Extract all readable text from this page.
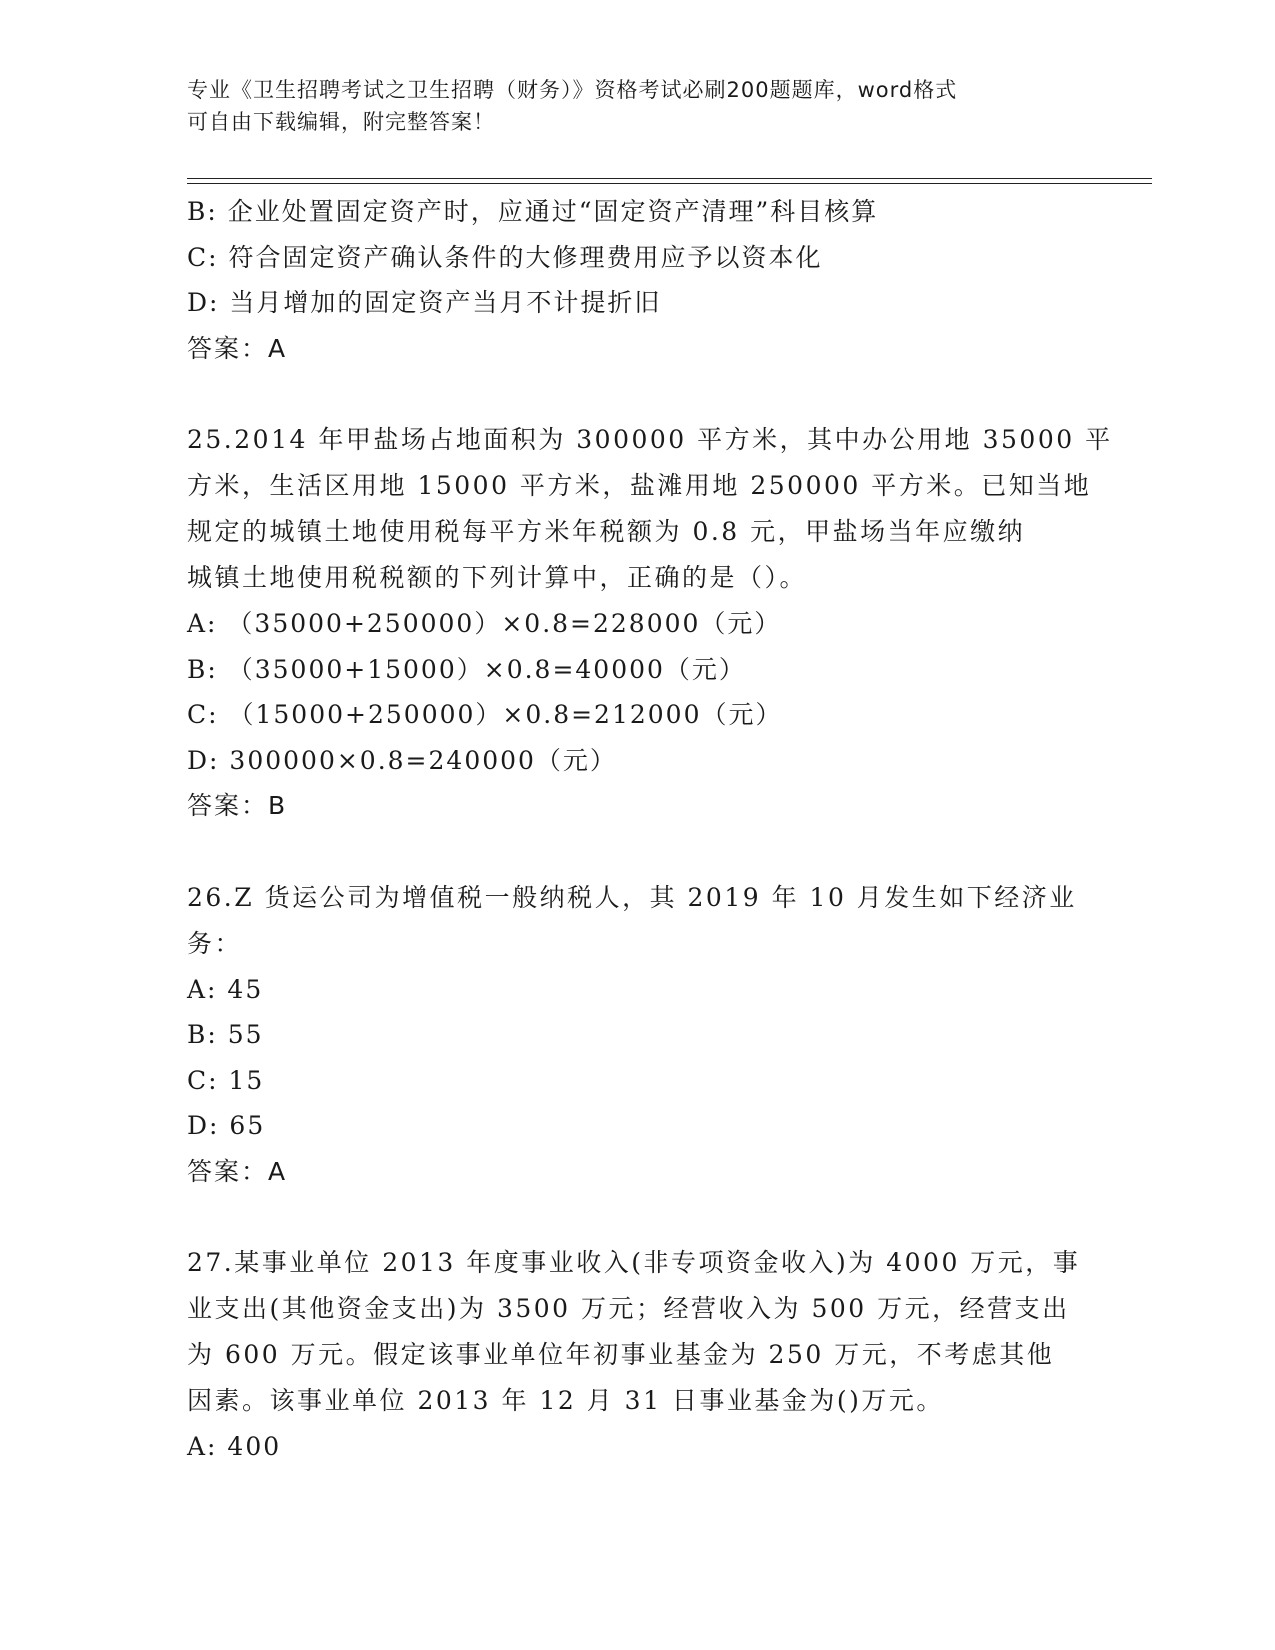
专业《卫生招聘考试之卫生招聘（财务）》资格考试必刷200题题库，word格式
可自由下载编辑，附完整答案！
B: 企业处置固定资产时，应通过“固定资产清理”科目核算
C: 符合固定资产确认条件的大修理费用应予以资本化
D: 当月增加的固定资产当月不计提折旧
答案：A
25.2014 年甲盐场占地面积为 300000 平方米，其中办公用地 35000 平
方米，生活区用地 15000 平方米，盐滩用地 250000 平方米。已知当地
规定的城镇土地使用税每平方米年税额为 0.8 元，甲盐场当年应缴纳
城镇土地使用税税额的下列计算中，正确的是（）。
A: （35000+250000）×0.8=228000（元）
B: （35000+15000）×0.8=40000（元）
C: （15000+250000）×0.8=212000（元）
D: 300000×0.8=240000（元）
答案：B
26.Z 货运公司为增值税一般纳税人，其 2019 年 10 月发生如下经济业
务：
A: 45
B: 55
C: 15
D: 65
答案：A
27.某事业单位 2013 年度事业收入(非专项资金收入)为 4000 万元，事
业支出(其他资金支出)为 3500 万元；经营收入为 500 万元，经营支出
为 600 万元。假定该事业单位年初事业基金为 250 万元，不考虑其他
因素。该事业单位 2013 年 12 月 31 日事业基金为()万元。
A: 400
